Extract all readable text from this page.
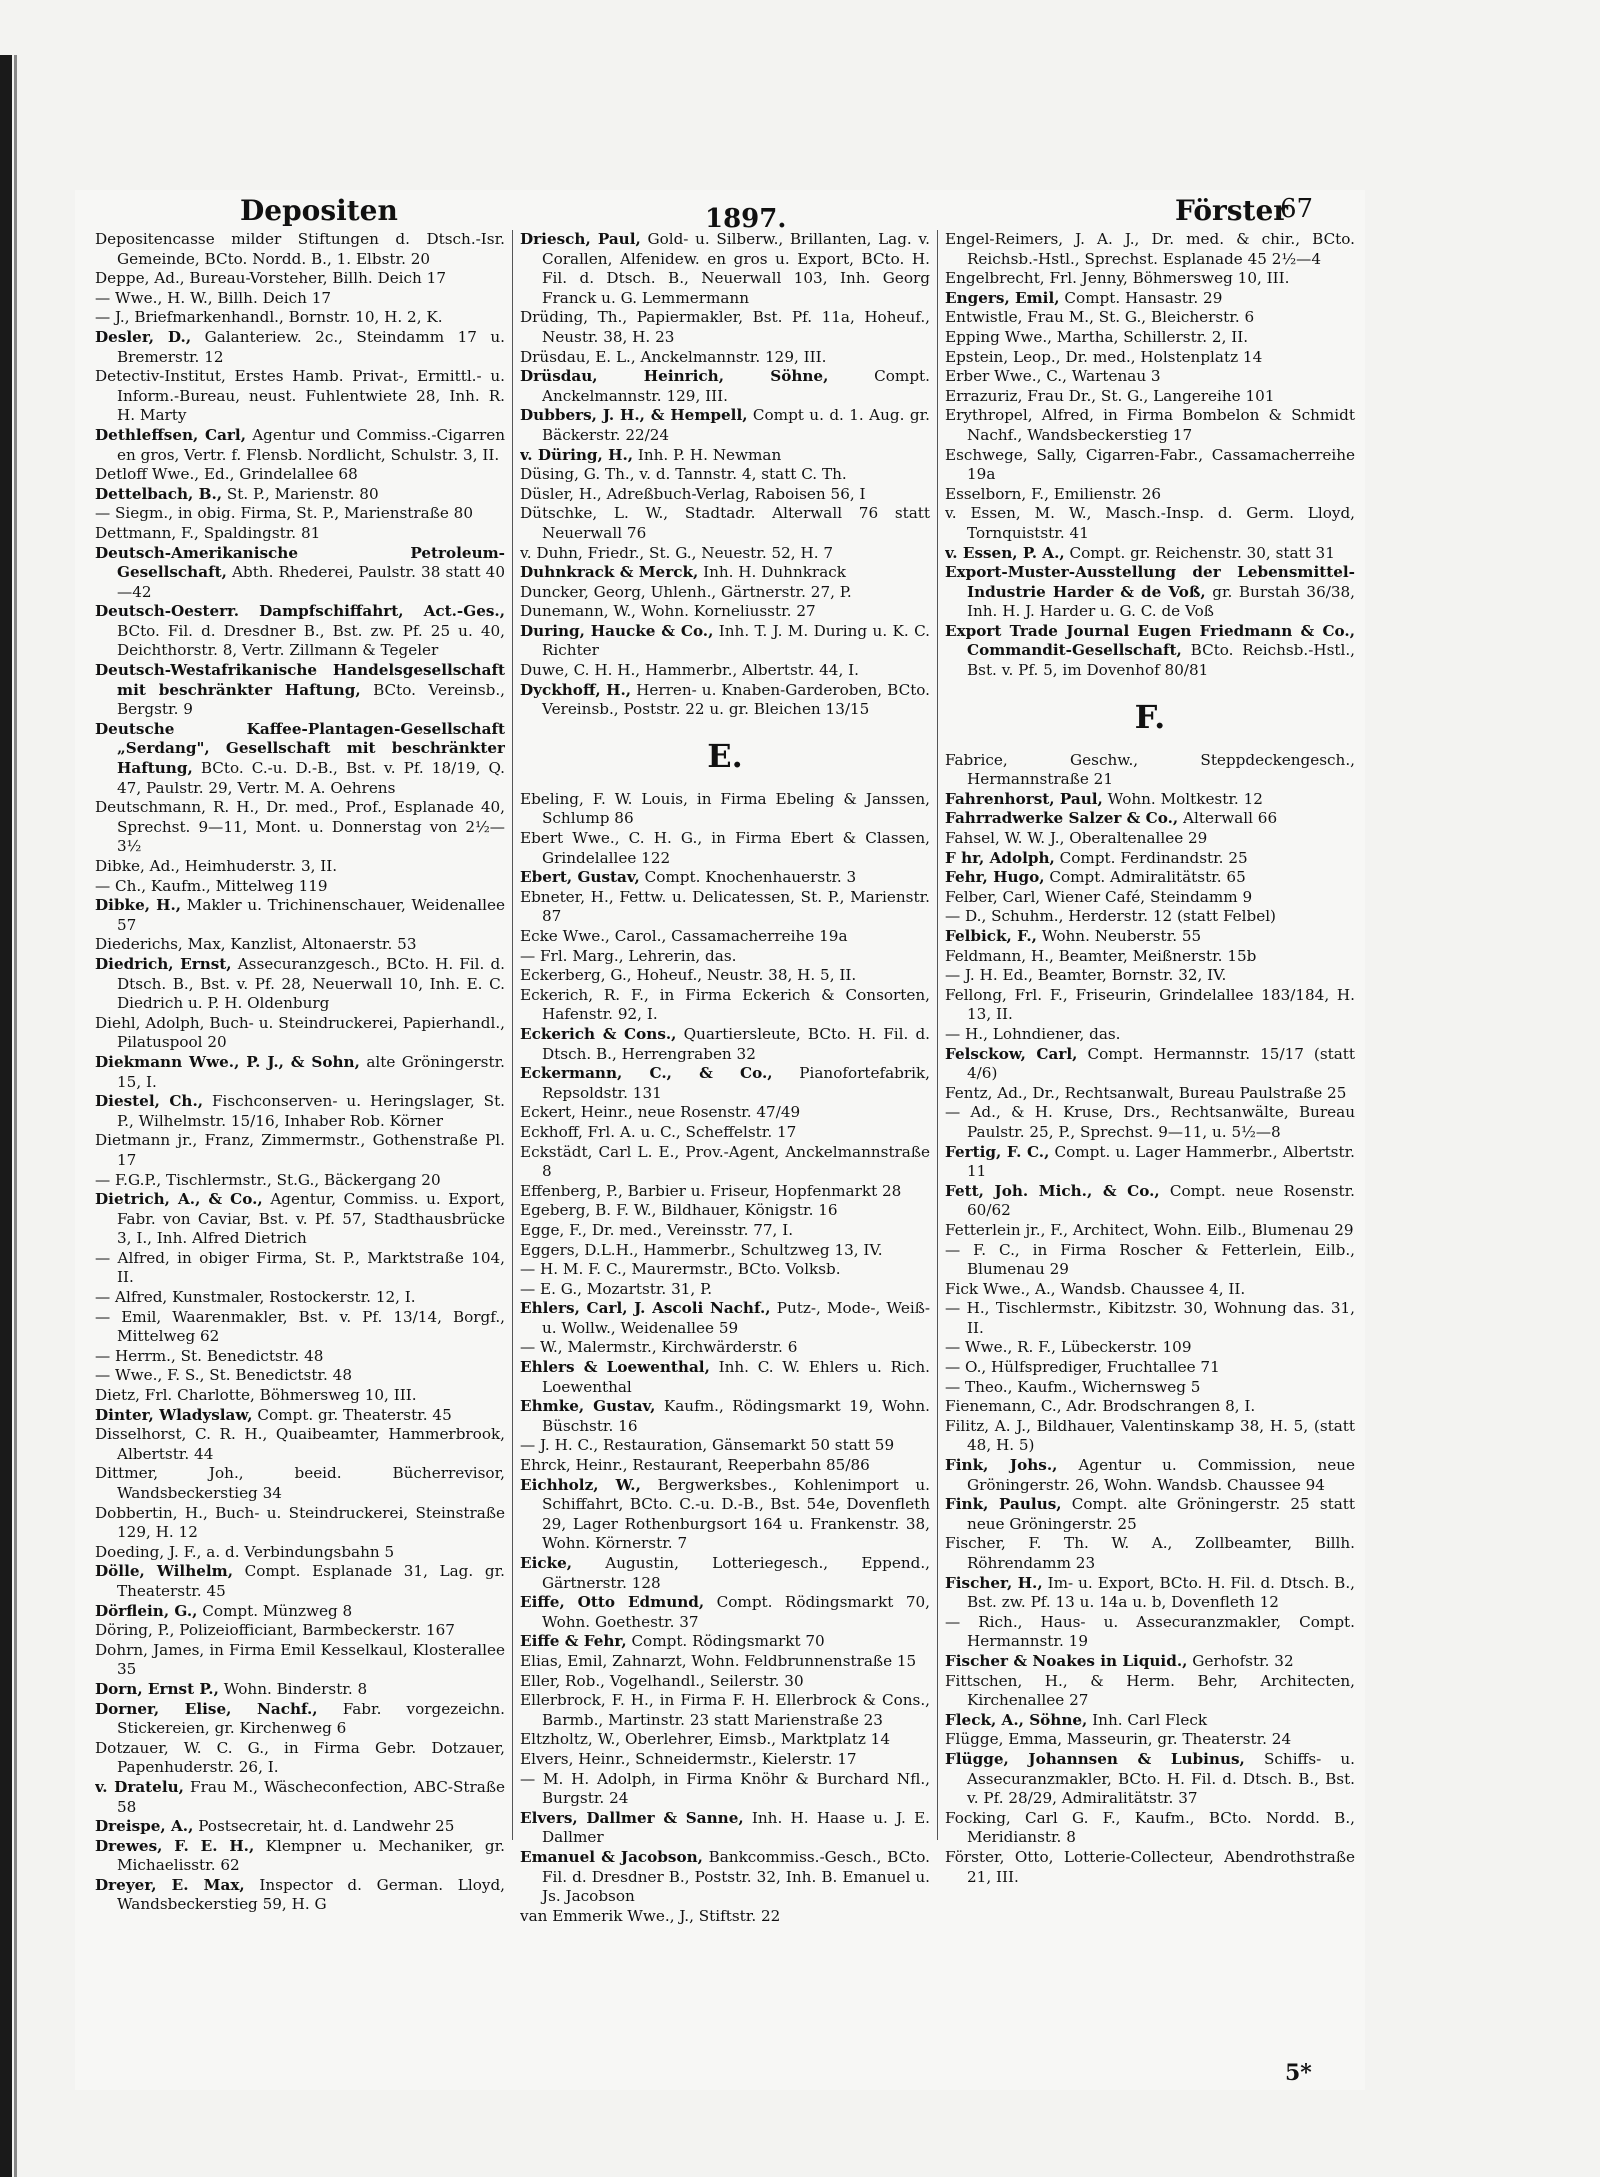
Depositen	1897.	Förster
67

Depositencasse milder Stiftungen d. Dtsch.-Isr. Gemeinde, BCto. Nordd. B., 1. Elbstr. 20

Deppe, Ad., Bureau-Vorsteher, Billh. Deich 17

— Wwe., H. W., Billh. Deich 17

— J., Briefmarkenhandl., Bornstr. 10, H. 2, K.

Desler, D., Galanteriew. 2c., Steindamm 17 u. Bremerstr. 12

Detectiv-Institut, Erstes Hamb. Privat-, Ermittl.- u. Inform.-Bureau, neust. Fuhlentwiete 28, Inh. R. H. Marty

Dethleffsen, Carl, Agentur und Commiss.-Cigarren en gros, Vertr. f. Flensb. Nordlicht, Schulstr. 3, II.

Detloff Wwe., Ed., Grindelallee 68

Dettelbach, B., St. P., Marienstr. 80

— Siegm., in obig. Firma, St. P., Marienstraße 80

Dettmann, F., Spaldingstr. 81

Deutsch-Amerikanische Petroleum-Gesellschaft, Abth. Rhederei, Paulstr. 38 statt 40—42

Deutsch-Oesterr. Dampfschiffahrt, Act.-Ges., BCto. Fil. d. Dresdner B., Bst. zw. Pf. 25 u. 40, Deichthorstr. 8, Vertr. Zillmann & Tegeler

Deutsch-Westafrikanische Handelsgesellschaft mit beschränkter Haftung, BCto. Vereinsb., Bergstr. 9

Deutsche Kaffee-Plantagen-Gesellschaft „Serdang", Gesellschaft mit beschränkter Haftung, BCto. C.-u. D.-B., Bst. v. Pf. 18/19, Q. 47, Paulstr. 29, Vertr. M. A. Oehrens

Deutschmann, R. H., Dr. med., Prof., Esplanade 40, Sprechst. 9—11, Mont. u. Donnerstag von 2½—3½

Dibke, Ad., Heimhuderstr. 3, II.

— Ch., Kaufm., Mittelweg 119

Dibke, H., Makler u. Trichinenschauer, Weidenallee 57

Diederichs, Max, Kanzlist, Altonaerstr. 53

Diedrich, Ernst, Assecuranzgesch., BCto. H. Fil. d. Dtsch. B., Bst. v. Pf. 28, Neuerwall 10, Inh. E. C. Diedrich u. P. H. Oldenburg

Diehl, Adolph, Buch- u. Steindruckerei, Papierhandl., Pilatuspool 20

Diekmann Wwe., P. J., & Sohn, alte Gröningerstr. 15, I.

Diestel, Ch., Fischconserven- u. Heringslager, St. P., Wilhelmstr. 15/16, Inhaber Rob. Körner

Dietmann jr., Franz, Zimmermstr., Gothenstraße Pl. 17

— F.G.P., Tischlermstr., St.G., Bäckergang 20

Dietrich, A., & Co., Agentur, Commiss. u. Export, Fabr. von Caviar, Bst. v. Pf. 57, Stadthausbrücke 3, I., Inh. Alfred Dietrich

— Alfred, in obiger Firma, St. P., Marktstraße 104, II.

— Alfred, Kunstmaler, Rostockerstr. 12, I.

— Emil, Waarenmakler, Bst. v. Pf. 13/14, Borgf., Mittelweg 62

— Herrm., St. Benedictstr. 48

— Wwe., F. S., St. Benedictstr. 48

Dietz, Frl. Charlotte, Böhmersweg 10, III.

Dinter, Wladyslaw, Compt. gr. Theaterstr. 45

Disselhorst, C. R. H., Quaibeamter, Hammerbrook, Albertstr. 44

Dittmer, Joh., beeid. Bücherrevisor, Wandsbeckerstieg 34

Dobbertin, H., Buch- u. Steindruckerei, Steinstraße 129, H. 12

Doeding, J. F., a. d. Verbindungsbahn 5

Dölle, Wilhelm, Compt. Esplanade 31, Lag. gr. Theaterstr. 45

Dörflein, G., Compt. Münzweg 8

Döring, P., Polizeiofficiant, Barmbeckerstr. 167

Dohrn, James, in Firma Emil Kesselkaul, Klosterallee 35

Dorn, Ernst P., Wohn. Binderstr. 8

Dorner, Elise, Nachf., Fabr. vorgezeichn. Stickereien, gr. Kirchenweg 6

Dotzauer, W. C. G., in Firma Gebr. Dotzauer, Papenhuderstr. 26, I.

v. Dratelu, Frau M., Wäscheconfection, ABC-Straße 58

Dreispe, A., Postsecretair, ht. d. Landwehr 25

Drewes, F. E. H., Klempner u. Mechaniker, gr. Michaelisstr. 62

Dreyer, E. Max, Inspector d. German. Lloyd, Wandsbeckerstieg 59, H. G

Driesch, Paul, Gold- u. Silberw., Brillanten, Lag. v. Corallen, Alfenidew. en gros u. Export, BCto. H. Fil. d. Dtsch. B., Neuerwall 103, Inh. Georg Franck u. G. Lemmermann

Drüding, Th., Papiermakler, Bst. Pf. 11a, Hoheuf., Neustr. 38, H. 23

Drüsdau, E. L., Anckelmannstr. 129, III.

Drüsdau, Heinrich, Söhne,	Compt. Anckelmannstr. 129, III.

Dubbers, J. H., & Hempell, Compt u. d. 1. Aug. gr. Bäckerstr. 22/24

v. Düring, H., Inh. P. H. Newman

Düsing, G. Th., v. d. Tannstr. 4, statt C. Th.

Düsler, H., Adreßbuch-Verlag, Raboisen 56, I

Dütschke, L. W., Stadtadr. Alterwall 76 statt Neuerwall 76

v. Duhn, Friedr., St. G., Neuestr. 52, H. 7

Duhnkrack & Merck, Inh. H. Duhnkrack

Duncker, Georg, Uhlenh., Gärtnerstr. 27, P.

Dunemann, W., Wohn. Korneliusstr. 27

During, Haucke & Co., Inh. T. J. M. During u. K. C. Richter

Duwe, C. H. H., Hammerbr., Albertstr. 44, I.

Dyckhoff, H., Herren- u. Knaben-Garderoben, BCto. Vereinsb., Poststr. 22 u. gr. Bleichen 13/15

E.

Ebeling, F. W. Louis, in Firma Ebeling & Janssen, Schlump 86

Ebert Wwe., C. H. G., in Firma Ebert & Classen, Grindelallee 122

Ebert, Gustav, Compt. Knochenhauerstr. 3

Ebneter, H., Fettw. u. Delicatessen, St. P., Marienstr. 87

Ecke Wwe., Carol., Cassamacherreihe 19a

— Frl. Marg., Lehrerin, das.

Eckerberg, G., Hoheuf., Neustr. 38, H. 5, II.

Eckerich, R. F., in Firma Eckerich & Consorten, Hafenstr. 92, I.

Eckerich & Cons., Quartiersleute, BCto. H. Fil. d. Dtsch. B., Herrengraben 32

Eckermann, C., & Co., Pianofortefabrik, Repsoldstr. 131

Eckert, Heinr., neue Rosenstr. 47/49

Eckhoff, Frl. A. u. C., Scheffelstr. 17

Eckstädt, Carl L. E., Prov.-Agent, Anckelmannstraße 8

Effenberg, P., Barbier u. Friseur, Hopfenmarkt 28

Egeberg, B. F. W., Bildhauer, Königstr. 16

Egge, F., Dr. med., Vereinsstr. 77, I.

Eggers, D.L.H., Hammerbr., Schultzweg 13, IV.

— H. M. F. C., Maurermstr., BCto. Volksb.

— E. G., Mozartstr. 31, P.

Ehlers, Carl, J. Ascoli Nachf., Putz-, Mode-, Weiß- u. Wollw., Weidenallee 59

— W., Malermstr., Kirchwärderstr. 6

Ehlers & Loewenthal, Inh. C. W. Ehlers u. Rich. Loewenthal

Ehmke, Gustav, Kaufm., Rödingsmarkt 19, Wohn. Büschstr. 16

— J. H. C., Restauration, Gänsemarkt 50 statt 59

Ehrck, Heinr., Restaurant, Reeperbahn 85/86

Eichholz, W., Bergwerksbes., Kohlenimport u. Schiffahrt, BCto. C.-u. D.-B., Bst. 54e, Dovenfleth 29, Lager Rothenburgsort 164 u. Frankenstr. 38, Wohn. Körnerstr. 7

Eicke, Augustin, Lotteriegesch., Eppend., Gärtnerstr. 128

Eiffe, Otto Edmund, Compt. Rödingsmarkt 70, Wohn. Goethestr. 37

Eiffe & Fehr, Compt. Rödingsmarkt 70

Elias, Emil, Zahnarzt, Wohn. Feldbrunnenstraße 15

Eller, Rob., Vogelhandl., Seilerstr. 30

Ellerbrock, F. H., in Firma F. H. Ellerbrock & Cons., Barmb., Martinstr. 23 statt Marienstraße 23

Eltzholtz, W., Oberlehrer, Eimsb., Marktplatz 14

Elvers, Heinr., Schneidermstr., Kielerstr. 17

— M. H. Adolph, in Firma Knöhr & Burchard Nfl., Burgstr. 24

Elvers, Dallmer & Sanne, Inh. H. Haase u. J. E. Dallmer

Emanuel & Jacobson, Bankcommiss.-Gesch., BCto. Fil. d. Dresdner B., Poststr. 32, Inh. B. Emanuel u. Js. Jacobson

van Emmerik Wwe., J., Stiftstr. 22

Engel-Reimers, J. A. J., Dr. med. & chir., BCto. Reichsb.-Hstl., Sprechst. Esplanade 45 2½—4

Engelbrecht, Frl. Jenny, Böhmersweg 10, III.

Engers, Emil, Compt. Hansastr. 29

Entwistle, Frau M., St. G., Bleicherstr. 6

Epping Wwe., Martha, Schillerstr. 2, II.

Epstein, Leop., Dr. med., Holstenplatz 14

Erber Wwe., C., Wartenau 3

Errazuriz, Frau Dr., St. G., Langereihe 101

Erythropel, Alfred, in Firma Bombelon & Schmidt Nachf., Wandsbeckerstieg 17

Eschwege, Sally, Cigarren-Fabr., Cassamacherreihe 19a

Esselborn, F., Emilienstr. 26

v. Essen, M. W., Masch.-Insp. d. Germ. Lloyd, Tornquiststr. 41

v. Essen, P. A., Compt. gr. Reichenstr. 30, statt 31

Export-Muster-Ausstellung der Lebensmittel-Industrie Harder & de Voß, gr. Burstah 36/38, Inh. H. J. Harder u. G. C. de Voß

Export Trade Journal Eugen Friedmann & Co., Commandit-Gesellschaft, BCto. Reichsb.-Hstl., Bst. v. Pf. 5, im Dovenhof 80/81

F.

Fabrice, Geschw., Steppdeckengesch., Hermannstraße 21

Fahrenhorst, Paul, Wohn. Moltkestr. 12

Fahrradwerke Salzer & Co., Alterwall 66

Fahsel, W. W. J., Oberaltenallee 29

F hr, Adolph, Compt. Ferdinandstr. 25

Fehr, Hugo, Compt. Admiralitätstr. 65

Felber, Carl, Wiener Café, Steindamm 9

— D., Schuhm., Herderstr. 12 (statt Felbel)

Felbick, F., Wohn. Neuberstr. 55

Feldmann, H., Beamter, Meißnerstr. 15b

— J. H. Ed., Beamter, Bornstr. 32, IV.

Fellong, Frl. F., Friseurin, Grindelallee 183/184, H. 13, II.

— H., Lohndiener, das.

Felsckow, Carl, Compt. Hermannstr. 15/17 (statt 4/6)

Fentz, Ad., Dr., Rechtsanwalt, Bureau Paulstraße 25

— Ad., & H. Kruse, Drs., Rechtsanwälte, Bureau Paulstr. 25, P., Sprechst. 9—11, u. 5½—8

Fertig, F. C., Compt. u. Lager Hammerbr., Albertstr. 11

Fett, Joh. Mich., & Co., Compt. neue Rosenstr. 60/62

Fetterlein jr., F., Architect, Wohn. Eilb., Blumenau 29

— F. C., in Firma Roscher & Fetterlein, Eilb., Blumenau 29

Fick Wwe., A., Wandsb. Chaussee 4, II.

— H., Tischlermstr., Kibitzstr. 30, Wohnung das. 31, II.

— Wwe., R. F., Lübeckerstr. 109

— O., Hülfsprediger, Fruchtallee 71

— Theo., Kaufm., Wichernsweg 5

Fienemann, C., Adr. Brodschrangen 8, I.

Filitz, A. J., Bildhauer, Valentinskamp 38, H. 5, (statt 48, H. 5)

Fink, Johs., Agentur u. Commission, neue Gröningerstr. 26, Wohn. Wandsb. Chaussee 94

Fink, Paulus, Compt. alte Gröningerstr. 25 statt neue Gröningerstr. 25

Fischer, F. Th. W. A., Zollbeamter, Billh. Röhrendamm 23

Fischer, H., Im- u. Export, BCto. H. Fil. d. Dtsch. B., Bst. zw. Pf. 13 u. 14a u. b, Dovenfleth 12

— Rich., Haus- u. Assecuranzmakler, Compt. Hermannstr. 19

Fischer & Noakes in Liquid., Gerhofstr. 32

Fittschen, H., & Herm. Behr, Architecten, Kirchenallee 27

Fleck, A., Söhne, Inh. Carl Fleck

Flügge, Emma, Masseurin, gr. Theaterstr. 24

Flügge, Johannsen & Lubinus, Schiffs- u. Assecuranzmakler, BCto. H. Fil. d. Dtsch. B., Bst. v. Pf. 28/29, Admiralitätstr. 37

Focking, Carl G. F., Kaufm., BCto. Nordd. B., Meridianstr. 8

Förster, Otto, Lotterie-Collecteur, Abendrothstraße 21, III.

5*
